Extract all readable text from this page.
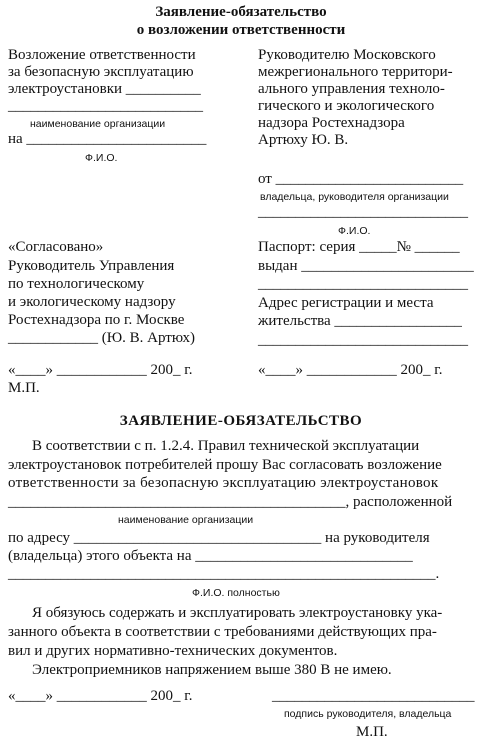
Заявление-обязательство
о возложении ответственности
Возложение ответственности
за безопасную эксплуатацию
электроустановки __________
__________________________
наименование организации
на ________________________
Ф.И.О.
Руководителю Московского
межрегионального территори-
ального управления техноло-
гического и экологического
надзора Ростехнадзора
Артюху Ю. В.
от _________________________
владельца, руководителя организации
____________________________
Ф.И.О.
Паспорт: серия _____№ ______
выдан _______________________
____________________________
Адрес регистрации и места
жительства _________________
____________________________
«____» ____________ 200_ г.
«Согласовано»
Руководитель Управления
по технологическому
и экологическому надзору
Ростехнадзора по г. Москве
____________ (Ю. В. Артюх)
«____» ____________ 200_ г.
М.П.
ЗАЯВЛЕНИЕ-ОБЯЗАТЕЛЬСТВО
В соответствии с п. 1.2.4. Правил технической эксплуатации
электроустановок потребителей прошу Вас согласовать возложение
ответственности за безопасную эксплуатацию электроустановок
_____________________________________________, расположенной
наименование организации
по адресу _________________________________ на руководителя
(владельца) этого объекта на _____________________________
_________________________________________________________.
Ф.И.О. полностью
Я обязуюсь содержать и эксплуатировать электроустановку ука-
занного объекта в соответствии с требованиями действующих пра-
вил и других нормативно-технических документов.
Электроприемников напряжением выше 380 В не имею.
«____» ____________ 200_ г.	___________________________
подпись руководителя, владельца
М.П.
